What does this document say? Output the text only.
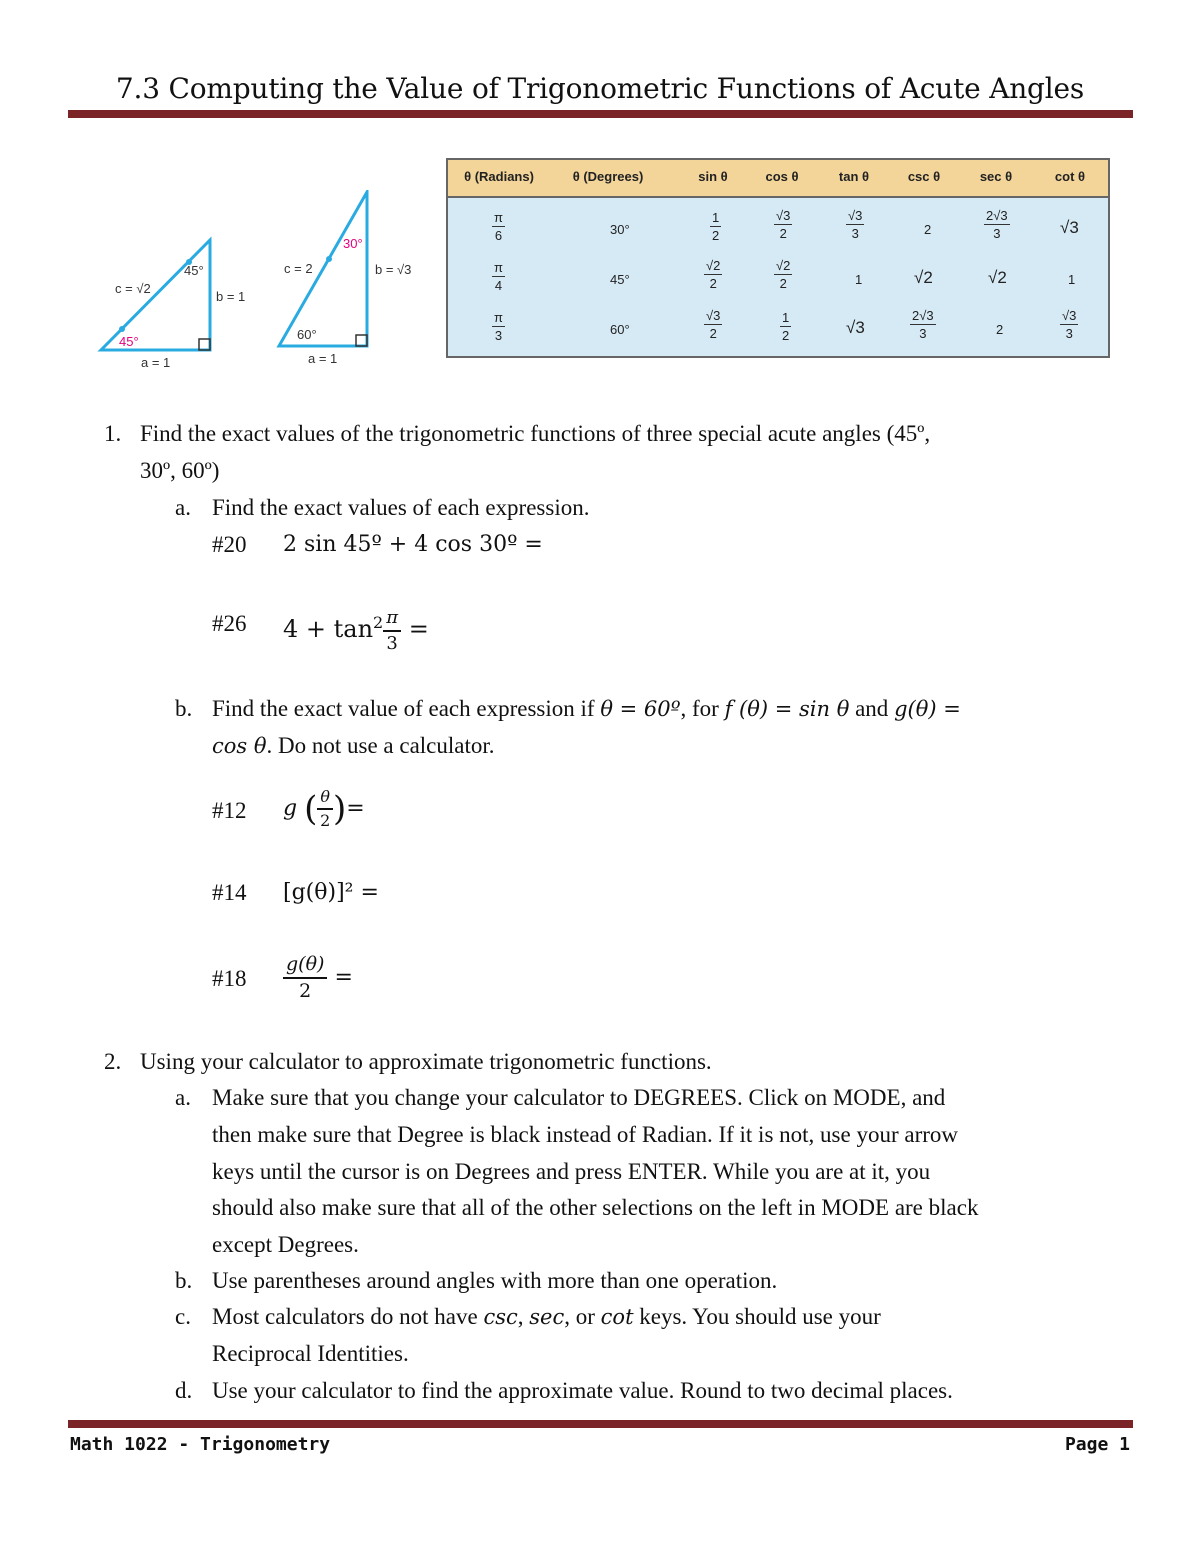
7.3 Computing the Value of Trigonometric Functions of Acute Angles
c = √2
b = 1
a = 1
45°
45°
c = 2	b = √3
a = 1
30°
60°
θ (Radians)	θ (Degrees)	sin θ	cos θ	tan θ	csc θ	sec θ	cot θ
$\frac{\pi}{6}$	30°	$\frac{1}{2}$	$\frac{√3}{2}$	$\frac{√3}{3}$	2	$\frac{2√3}{3}$	√3
$\frac{\pi}{4}$	45°	$\frac{√2}{2}$	$\frac{√2}{2}$	1	√2	√2	1
$\frac{\pi}{3}$	60°	$\frac{√3}{2}$	$\frac{1}{2}$	√3	$\frac{2√3}{3}$	2	$\frac{√3}{3}$
1. Find the exact values of the trigonometric functions of three special acute angles (45º,
30º, 60º)
a. Find the exact values of each expression.
#20 2 sin 45º + 4 cos 30º =
#26 $4 + \tan^2 \frac{\pi}{3}$ =
b. Find the exact value of each expression if θ = 60º, for f (θ) = sin θ and g(θ) =
cos θ. Do not use a calculator.
#12 g ( $\frac{\theta}{2}$ )=
#14 [g(θ)]² =
#18 $\frac{g(\theta)}{2}$ =
2. Using your calculator to approximate trigonometric functions.
a. Make sure that you change your calculator to DEGREES. Click on MODE, and
then make sure that Degree is black instead of Radian. If it is not, use your arrow
keys until the cursor is on Degrees and press ENTER. While you are at it, you
should also make sure that all of the other selections on the left in MODE are black
except Degrees.
b. Use parentheses around angles with more than one operation.
c. Most calculators do not have csc, sec, or cot keys. You should use your
Reciprocal Identities.
d. Use your calculator to find the approximate value. Round to two decimal places.
Math 1022 - Trigonometry	Page 1
